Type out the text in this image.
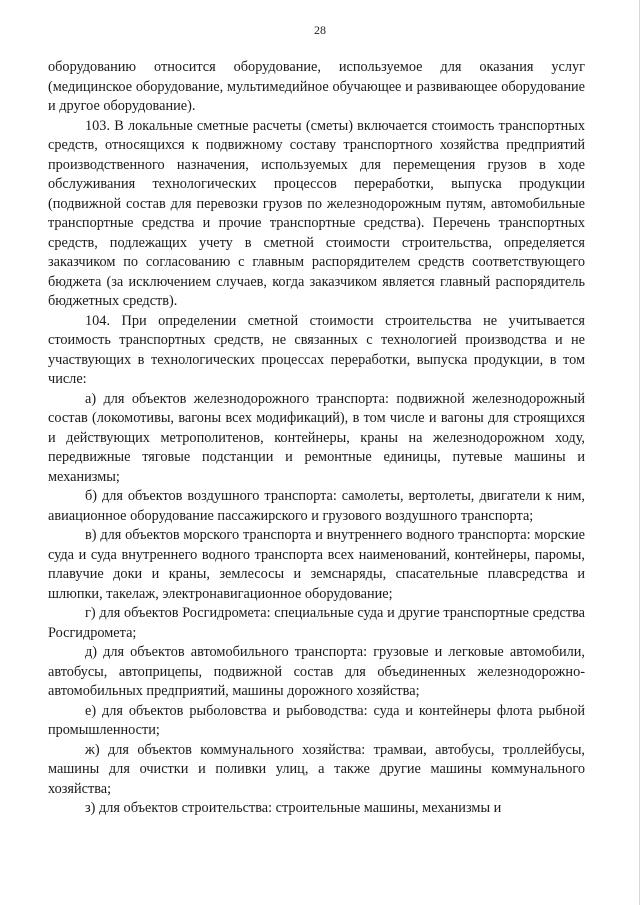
28

оборудованию относится оборудование, используемое для оказания услуг (медицинское оборудование, мультимедийное обучающее и развивающее оборудование и другое оборудование).

103. В локальные сметные расчеты (сметы) включается стоимость транспортных средств, относящихся к подвижному составу транспортного хозяйства предприятий производственного назначения, используемых для перемещения грузов в ходе обслуживания технологических процессов переработки, выпуска продукции (подвижной состав для перевозки грузов по железнодорожным путям, автомобильные транспортные средства и прочие транспортные средства). Перечень транспортных средств, подлежащих учету в сметной стоимости строительства, определяется заказчиком по согласованию с главным распорядителем средств соответствующего бюджета (за исключением случаев, когда заказчиком является главный распорядитель бюджетных средств).

104. При определении сметной стоимости строительства не учитывается стоимость транспортных средств, не связанных с технологией производства и не участвующих в технологических процессах переработки, выпуска продукции, в том числе:

а) для объектов железнодорожного транспорта: подвижной железнодорожный состав (локомотивы, вагоны всех модификаций), в том числе и вагоны для строящихся и действующих метрополитенов, контейнеры, краны на железнодорожном ходу, передвижные тяговые подстанции и ремонтные единицы, путевые машины и механизмы;

б) для объектов воздушного транспорта: самолеты, вертолеты, двигатели к ним, авиационное оборудование пассажирского и грузового воздушного транспорта;

в) для объектов морского транспорта и внутреннего водного транспорта: морские суда и суда внутреннего водного транспорта всех наименований, контейнеры, паромы, плавучие доки и краны, землесосы и земснаряды, спасательные плавсредства и шлюпки, такелаж, электронавигационное оборудование;

г) для объектов Росгидромета: специальные суда и другие транспортные средства Росгидромета;

д) для объектов автомобильного транспорта: грузовые и легковые автомобили, автобусы, автоприцепы, подвижной состав для объединенных железнодорожно-автомобильных предприятий, машины дорожного хозяйства;

е) для объектов рыболовства и рыбоводства: суда и контейнеры флота рыбной промышленности;

ж) для объектов коммунального хозяйства: трамваи, автобусы, троллейбусы, машины для очистки и поливки улиц, а также другие машины коммунального хозяйства;

з) для объектов строительства: строительные машины, механизмы и
